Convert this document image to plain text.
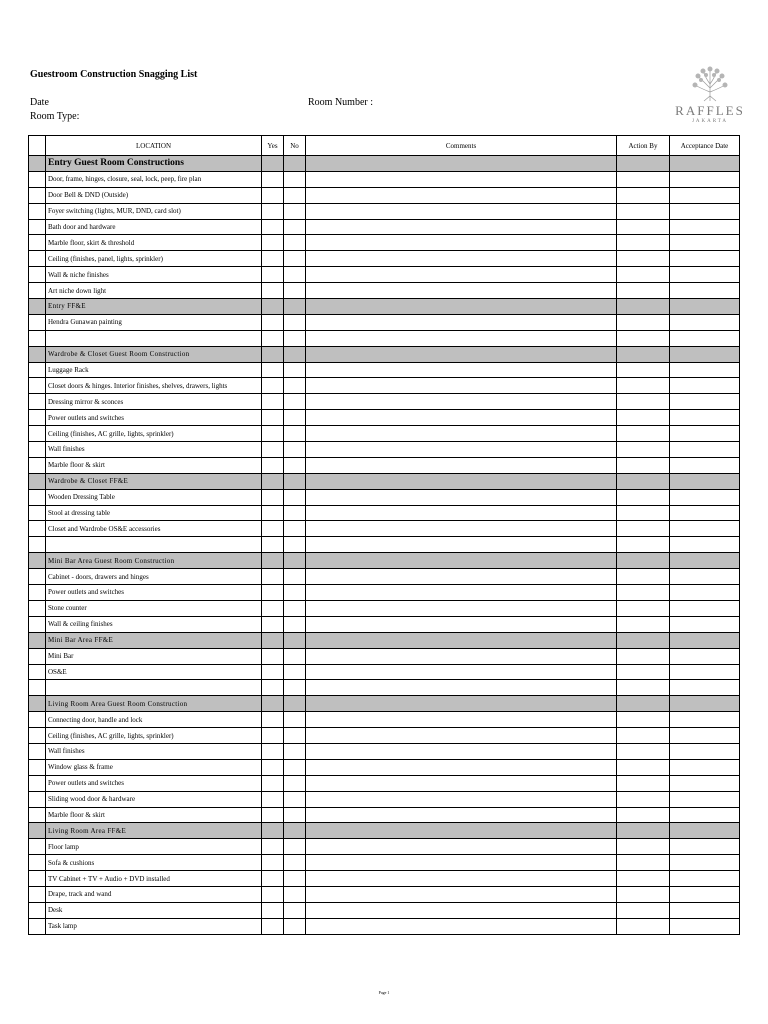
Guestroom Construction Snagging List
Date	Room Number :
Room Type:	RAFFLES
JAKARTA
	LOCATION	Yes	No	Comments	Action By	Acceptance Date
	Entry Guest Room Constructions					
	Door, frame, hinges, closure, seal, lock, peep, fire plan					
	Door Bell & DND (Outside)					
	Foyer switching (lights, MUR, DND, card slot)					
	Bath door and hardware					
	Marble floor, skirt & threshold					
	Ceiling (finishes, panel, lights, sprinkler)					
	Wall & niche finishes					
	Art niche down light					
	Entry FF&E					
	Hendra Gunawan painting					

	Wardrobe & Closet Guest Room Construction					
	Luggage Rack					
	Closet doors & hinges. Interior finishes, shelves, drawers, lights					
	Dressing mirror & sconces					
	Power outlets and switches					
	Ceiling (finishes, AC grille, lights, sprinkler)					
	Wall finishes					
	Marble floor & skirt					
	Wardrobe & Closet FF&E					
	Wooden Dressing Table					
	Stool at dressing table					
	Closet and Wardrobe OS&E accessories					

	Mini Bar Area Guest Room Construction					
	Cabinet - doors, drawers and hinges					
	Power outlets and switches					
	Stone counter					
	Wall & ceiling finishes					
	Mini Bar Area FF&E					
	Mini Bar					
	OS&E					

	Living Room Area Guest Room Construction					
	Connecting door, handle and lock					
	Ceiling (finishes, AC grille, lights, sprinkler)					
	Wall finishes					
	Window glass & frame					
	Power outlets and switches					
	Sliding wood door & hardware					
	Marble floor & skirt					
	Living Room Area FF&E					
	Floor lamp					
	Sofa & cushions					
	TV Cabinet + TV + Audio + DVD installed					
	Drape, track and wand					
	Desk					
	Task lamp					
Page 1
